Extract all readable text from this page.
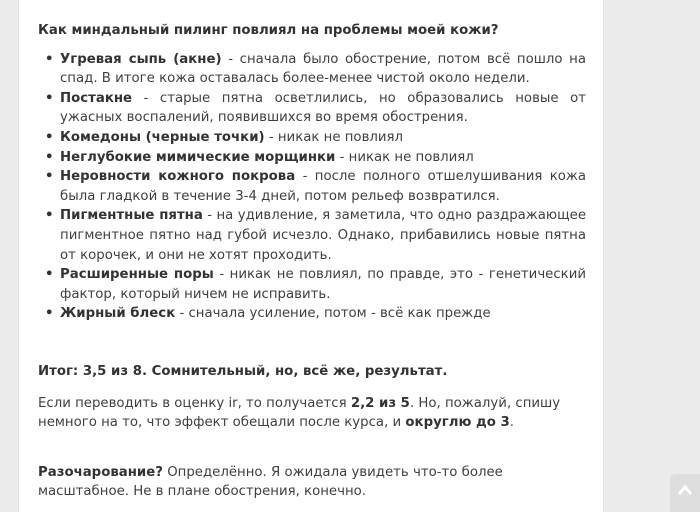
Как миндальный пилинг повлиял на проблемы моей кожи?
• Угревая сыпь (акне) - сначала было обострение, потом всё пошло на спад. В итоге кожа оставалась более-менее чистой около недели.
• Постакне - старые пятна осветлились, но образовались новые от ужасных воспалений, появившихся во время обострения.
• Комедоны (черные точки) - никак не повлиял
• Неглубокие мимические морщинки - никак не повлиял
• Неровности кожного покрова - после полного отшелушивания кожа была гладкой в течение 3-4 дней, потом рельеф возвратился.
• Пигментные пятна - на удивление, я заметила, что одно раздражающее пигментное пятно над губой исчезло. Однако, прибавились новые пятна от корочек, и они не хотят проходить.
• Расширенные поры - никак не повлиял, по правде, это - генетический фактор, который ничем не исправить.
• Жирный блеск - сначала усиление, потом - всё как прежде

Итог: 3,5 из 8. Сомнительный, но, всё же, результат.

Если переводить в оценку ir, то получается 2,2 из 5. Но, пожалуй, спишу немного на то, что эффект обещали после курса, и округлю до 3.

Разочарование? Определённо. Я ожидала увидеть что-то более масштабное. Не в плане обострения, конечно.
